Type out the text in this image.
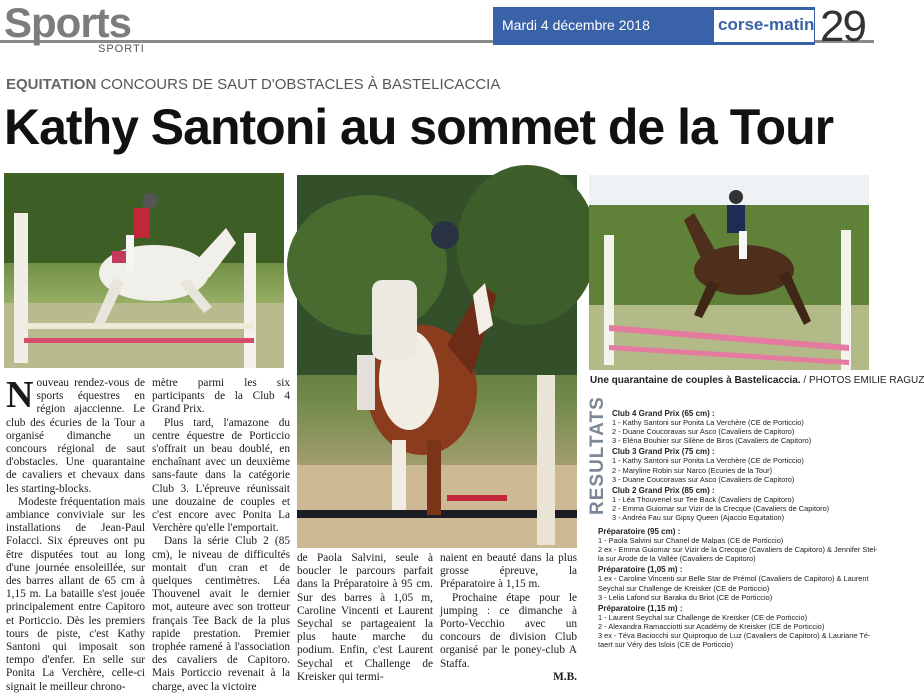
Sports
SPORTI
Mardi 4 décembre 2018	corse-matin 29
EQUITATION CONCOURS DE SAUT D'OBSTACLES À BASTELICACCIA
Kathy Santoni au sommet de la Tour
Une quarantaine de couples à Bastelicaccia. / PHOTOS EMILIE RAGUZ

Nouveau rendez-vous de sports équestres en région ajaccienne. Le club des écuries de la Tour a organisé dimanche un concours régional de saut d'obstacles. Une quarantaine de cavaliers et chevaux dans les starting-blocks.

Modeste fréquentation mais ambiance conviviale sur les installations de Jean-Paul Folacci. Six épreuves ont pu être disputées tout au long d'une journée ensoleillée, sur des barres allant de 65 cm à 1,15 m. La bataille s'est jouée principalement entre Capitoro et Porticcio. Dès les premiers tours de piste, c'est Kathy Santoni qui imposait son tempo d'enfer. En selle sur Ponita La Verchère, celle-ci signait le meilleur chrono-

mètre parmi les six participants de la Club 4 Grand Prix.

Plus tard, l'amazone du centre équestre de Porticcio s'offrait un beau doublé, en enchaînant avec un deuxième sans-faute dans la catégorie Club 3. L'épreuve réunissait une douzaine de couples et c'est encore avec Ponita La Verchère qu'elle l'emportait.

Dans la série Club 2 (85 cm), le niveau de difficultés montait d'un cran et de quelques centimètres. Léa Thouvenel avait le dernier mot, auteure avec son trotteur français Tee Back de la plus rapide prestation. Premier trophée ramené à l'association des cavaliers de Capitoro. Mais Porticcio revenait à la charge, avec la victoire

de Paola Salvini, seule à boucler le parcours parfait dans la Préparatoire à 95 cm. Sur des barres à 1,05 m, Caroline Vincenti et Laurent Seychal se partageaient la plus haute marche du podium. Enfin, c'est Laurent Seychal et Challenge de Kreisker qui termi-

naient en beauté dans la plus grosse épreuve, la Préparatoire à 1,15 m.

Prochaine étape pour le jumping : ce dimanche à Porto-Vecchio avec un concours de division Club organisé par le poney-club A Staffa.

M.B.

RESULTATS Club 4 Grand Prix (65 cm) :
1 - Kathy Santoni sur Ponita La Verchère (CE de Porticcio)
2 - Duane Coucoravas sur Asco (Cavaliers de Capitoro)
3 - Eléna Bouhier sur Silène de Biros (Cavaliers de Capitoro)
Club 3 Grand Prix (75 cm) :
1 - Kathy Santoni sur Ponita La Verchère (CE de Porticcio)
2 - Maryline Robin sur Narco (Ecuries de la Tour)
3 - Duane Coucoravas sur Asco (Cavaliers de Capitoro)
Club 2 Grand Prix (85 cm) :
1 - Léa Thouvenel sur Tee Back (Cavaliers de Capitoro)
2 - Emma Guiomar sur Vizir de la Crecque (Cavaliers de Capitoro)
3 - Andréa Fau sur Gipsy Queen (Ajaccio Equitation)
Préparatoire (95 cm) :
1 - Paola Salvini sur Chanel de Malpas (CE de Porticcio)
2 ex - Emma Guiomar sur Vizir de la Crecque (Cavaliers de Capitoro) & Jennifer Stel-
la sur Arode de la Vallée (Cavaliers de Capitoro)
Préparatoire (1,05 m) :
1 ex - Caroline Vincenti sur Belle Star de Prémol (Cavaliers de Capitoro) & Laurent
Seychal sur Challenge de Kreisker (CE de Porticcio)
3 - Lelia Lafond sur Baraka du Briot (CE de Porticcio)
Préparatoire (1,15 m) :
1 - Laurent Seychal sur Challenge de Kreisker (CE de Porticcio)
2 - Alexandra Ramacciotti sur Académy de Kreisker (CE de Porticcio)
3 ex - Téva Baciocchi sur Quiproquo de Luz (Cavaliers de Capitoro) & Lauriane Té-
taert sur Véry des Islois (CE de Porticcio)
